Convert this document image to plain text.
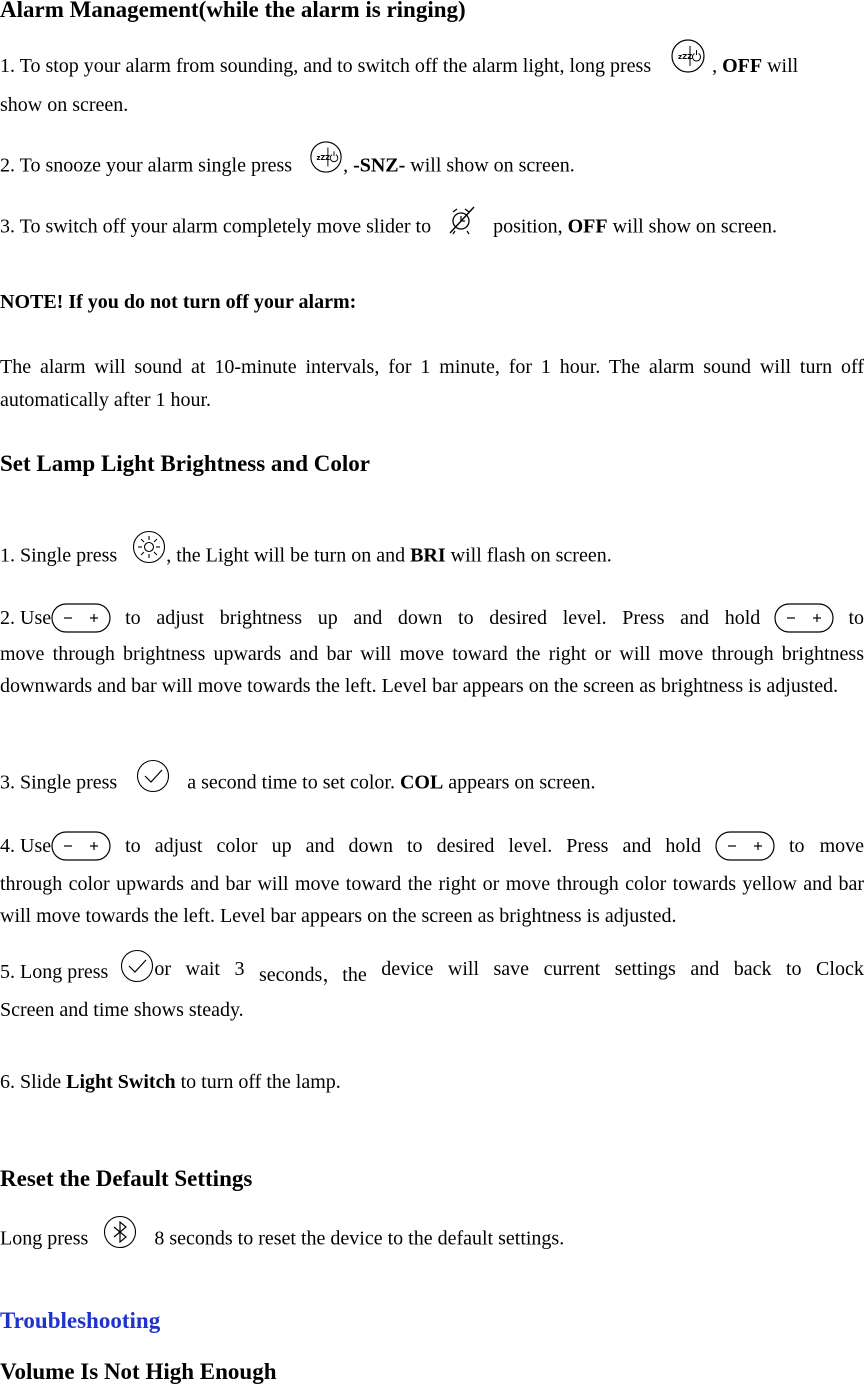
Alarm Management(while the alarm is ringing)

1. To stop your alarm from sounding, and to switch off the alarm light, long press	zZZ , OFF will

show on screen.

2. To snooze your alarm single press	zZZ , -SNZ- will show on screen.

3. To switch off your alarm completely move slider to	position, OFF will show on screen.

NOTE! If you do not turn off your alarm:

The alarm will sound at 10-minute intervals, for 1 minute, for 1 hour. The alarm sound will turn off automatically after 1 hour.

Set Lamp Light Brightness and Color

1. Single press , the Light will be turn on and BRI will flash on screen.

2. Use	to adjust brightness up and down to desired level. Press and hold	to

move through brightness upwards and bar will move toward the right or will move through brightness downwards and bar will move towards the left. Level bar appears on the screen as brightness is adjusted.

3. Single press	a second time to set color. COL appears on screen.

4. Use	to adjust color up and down to desired level. Press and hold	to move

through color upwards and bar will move toward the right or move through color towards yellow and bar will move towards the left. Level bar appears on the screen as brightness is adjusted.

5. Long press or wait 3 seconds，the device will save current settings and back to Clock

Screen and time shows steady.

6. Slide Light Switch to turn off the lamp.

Reset the Default Settings

Long press	8 seconds to reset the device to the default settings.

Troubleshooting
Volume Is Not High Enough
